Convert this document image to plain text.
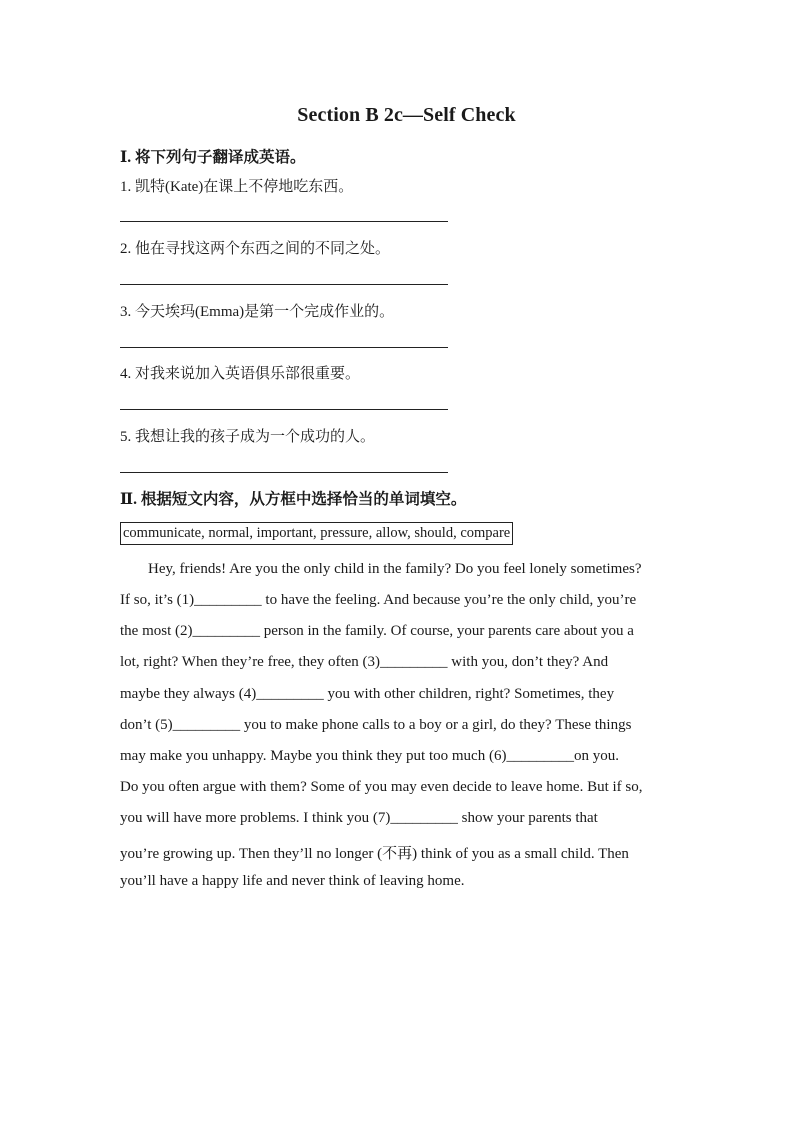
Section B 2c—Self Check
Ⅰ. 将下列句子翻译成英语。
1. 凯特(Kate)在课上不停地吃东西。
2. 他在寻找这两个东西之间的不同之处。
3. 今天埃玛(Emma)是第一个完成作业的。
4. 对我来说加入英语俱乐部很重要。
5. 我想让我的孩子成为一个成功的人。
Ⅱ. 根据短文内容，从方框中选择恰当的单词填空。
communicate, normal, important, pressure, allow, should, compare
Hey, friends! Are you the only child in the family? Do you feel lonely sometimes?
If so, it’s (1)_________ to have the feeling. And because you’re the only child, you’re
the most (2)_________ person in the family. Of course, your parents care about you a
lot, right? When they’re free, they often (3)_________ with you, don’t they? And
maybe they always (4)_________ you with other children, right? Sometimes, they
don’t (5)_________ you to make phone calls to a boy or a girl, do they? These things
may make you unhappy. Maybe you think they put too much (6)_________on you.
Do you often argue with them? Some of you may even decide to leave home. But if so,
you will have more problems. I think you (7)_________ show your parents that
you’re growing up. Then they’ll no longer (不再) think of you as a small child. Then
you’ll have a happy life and never think of leaving home.
